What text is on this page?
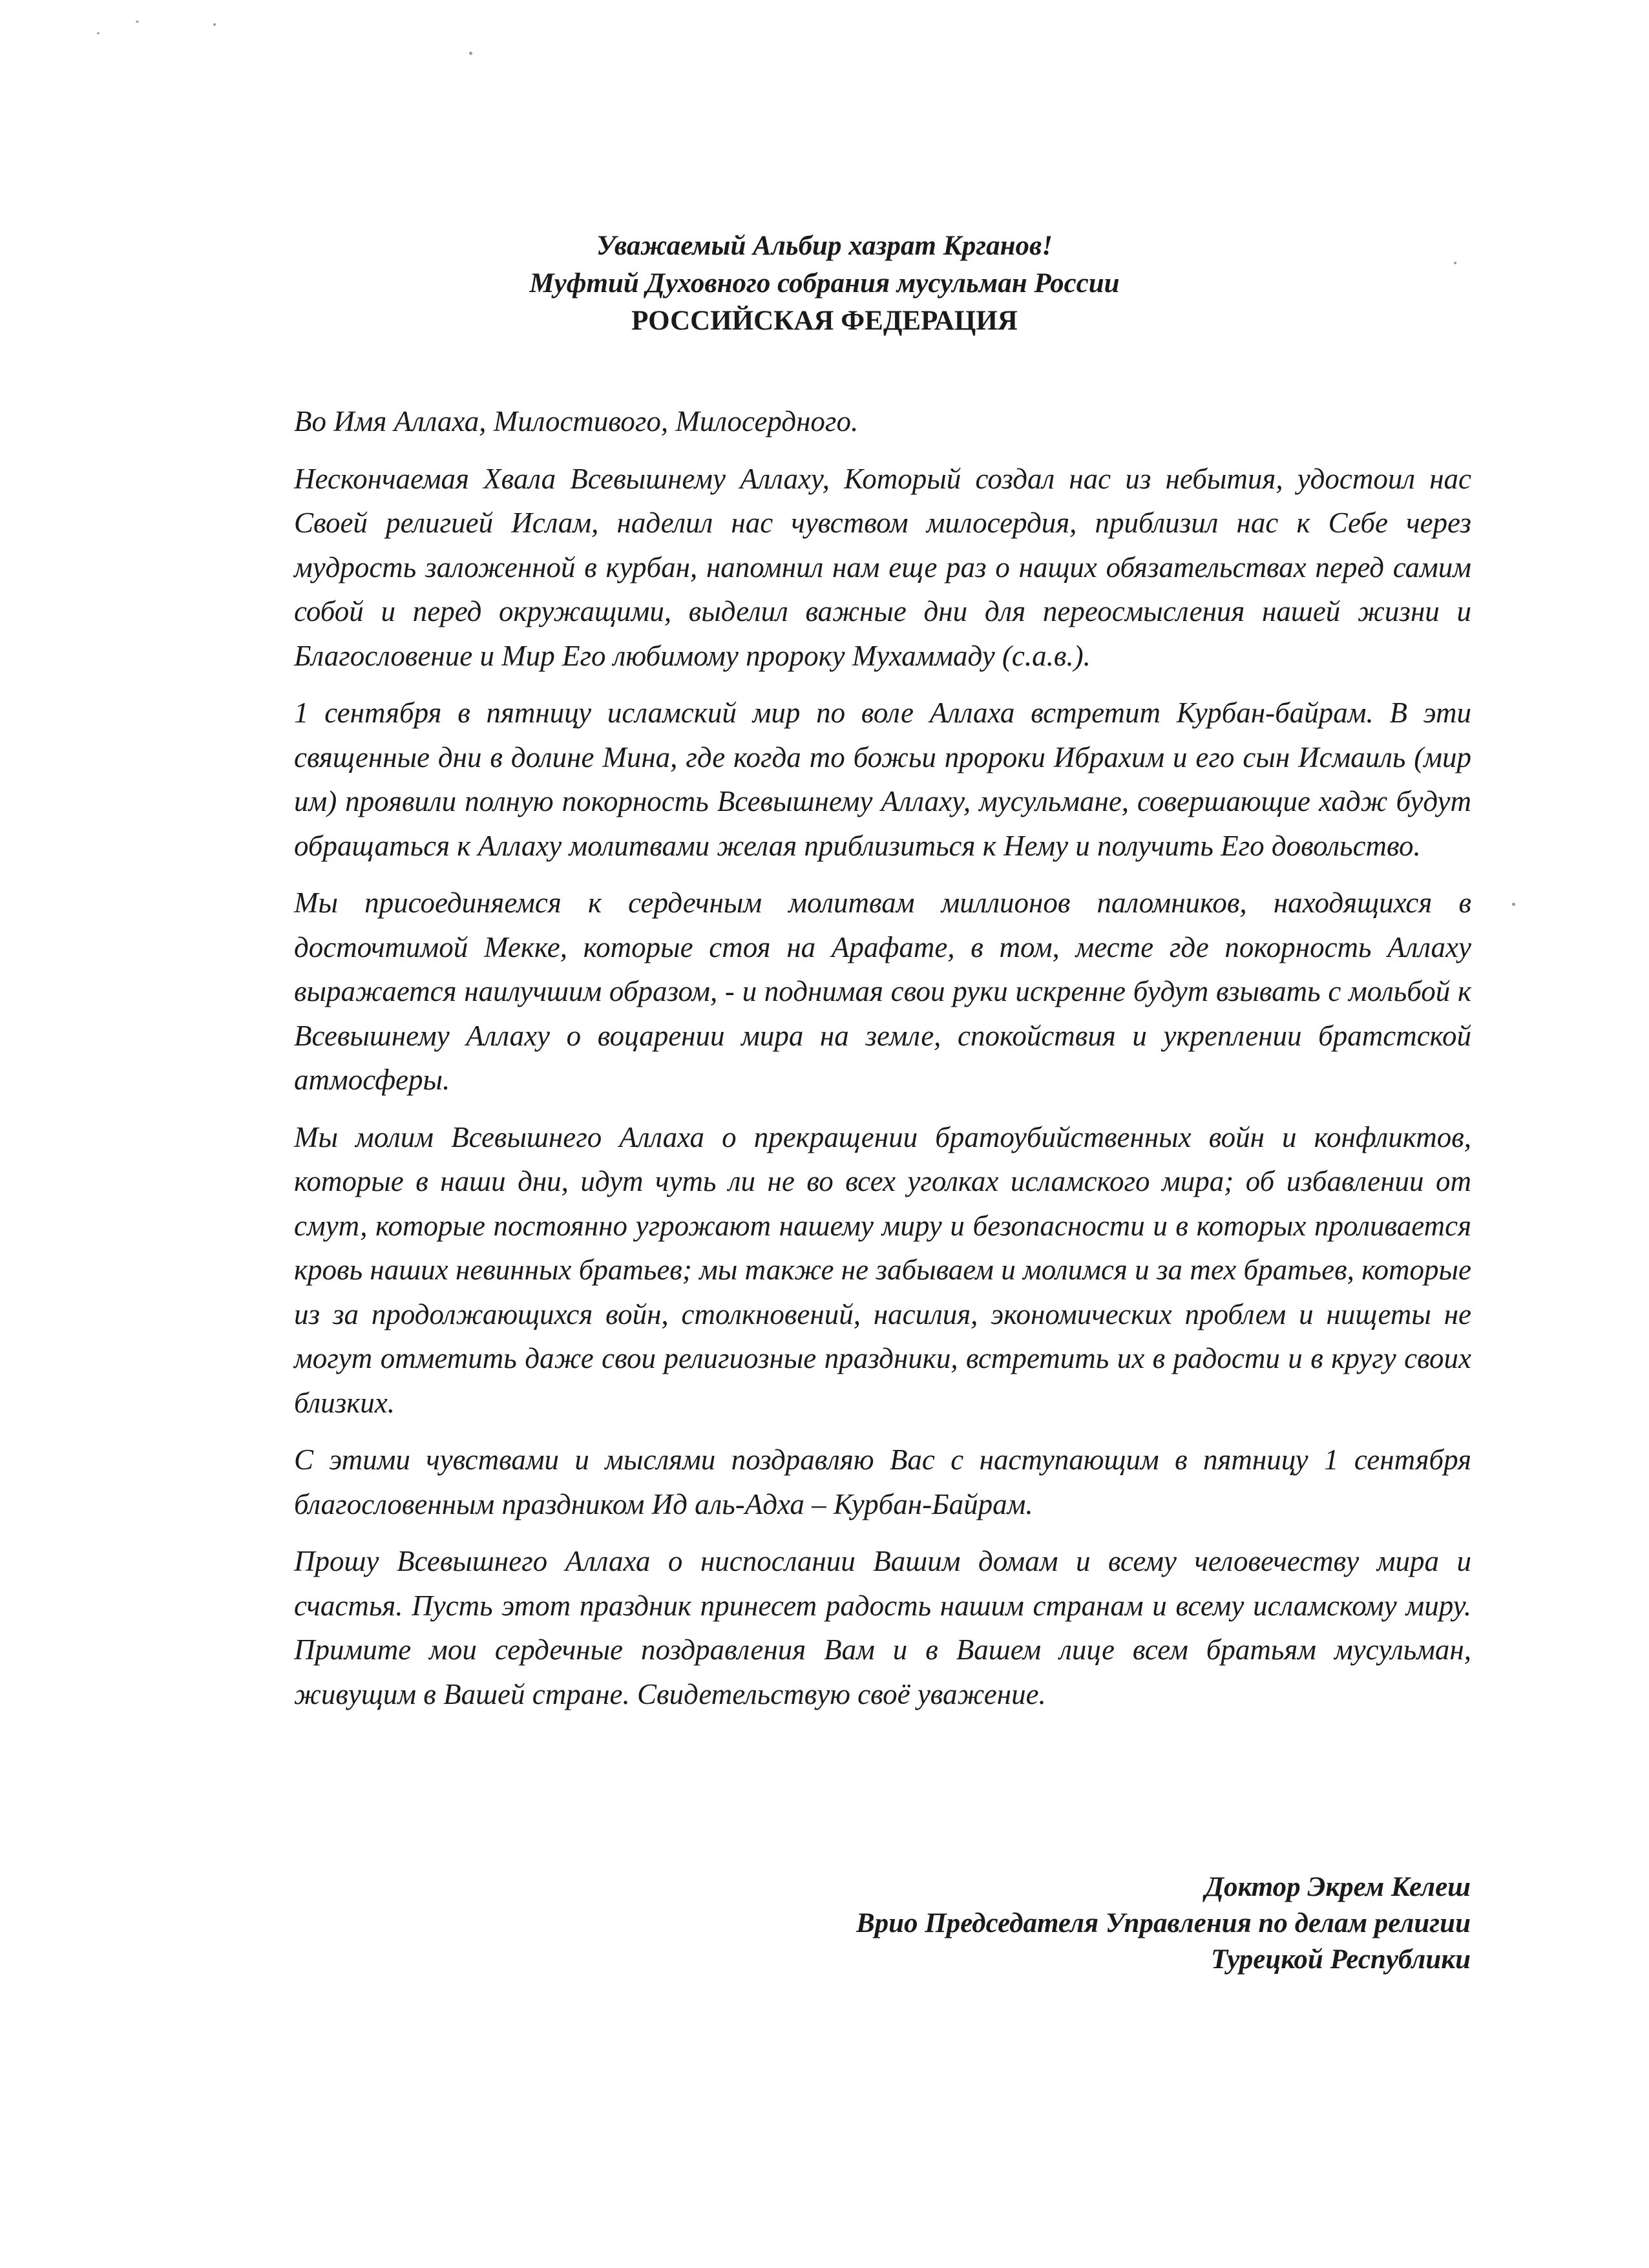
Уважаемый Альбир хазрат Крганов!
Муфтий Духовного собрания мусульман России
РОССИЙСКАЯ ФЕДЕРАЦИЯ

Во Имя Аллаха, Милостивого, Милосердного.

Нескончаемая Хвала Всевышнему Аллаху, Который создал нас из небытия, удостоил нас Своей религией Ислам, наделил нас чувством милосердия, приблизил нас к Себе через мудрость заложенной в курбан, напомнил нам еще раз о нащих обязательствах перед самим собой и перед окружащими, выделил важные дни для переосмысления нашей жизни и Благословение и Мир Его любимому пророку Мухаммаду (с.а.в.).

1 сентября в пятницу исламский мир по воле Аллаха встретит Курбан-байрам. В эти священные дни в долине Мина, где когда то божьи пророки Ибрахим и его сын Исмаиль (мир им) проявили полную покорность Всевышнему Аллаху, мусульмане, совершающие хадж будут обращаться к Аллаху молитвами желая приблизиться к Нему и получить Его довольство.

Мы присоединяемся к сердечным молитвам миллионов паломников, находящихся в досточтимой Мекке, которые стоя на Арафате, в том, месте где покорность Аллаху выражается наилучшим образом, - и поднимая свои руки искренне будут взывать с мольбой к Всевышнему Аллаху о воцарении мира на земле, спокойствия и укреплении братстской атмосферы.

Мы молим Всевышнего Аллаха о прекращении братоубийственных войн и конфликтов, которые в наши дни, идут чуть ли не во всех уголках исламского мира; об избавлении от смут, которые постоянно угрожают нашему миру и безопасности и в которых проливается кровь наших невинных братьев; мы также не забываем и молимся и за тех братьев, которые из за продолжающихся войн, столкновений, насилия, экономических проблем и нищеты не могут отметить даже свои религиозные праздники, встретить их в радости и в кругу своих близких.

С этими чувствами и мыслями поздравляю Вас с наступающим в пятницу 1 сентября благословенным праздником Ид аль-Адха – Курбан-Байрам.

Прошу Всевышнего Аллаха о ниспослании Вашим домам и всему человечеству мира и счастья. Пусть этот праздник принесет радость нашим странам и всему исламскому миру. Примите мои сердечные поздравления Вам и в Вашем лице всем братьям мусульман, живущим в Вашей стране. Свидетельствую своё уважение.

Доктор Экрем Келеш
Врио Председателя Управления по делам религии
Турецкой Республики
